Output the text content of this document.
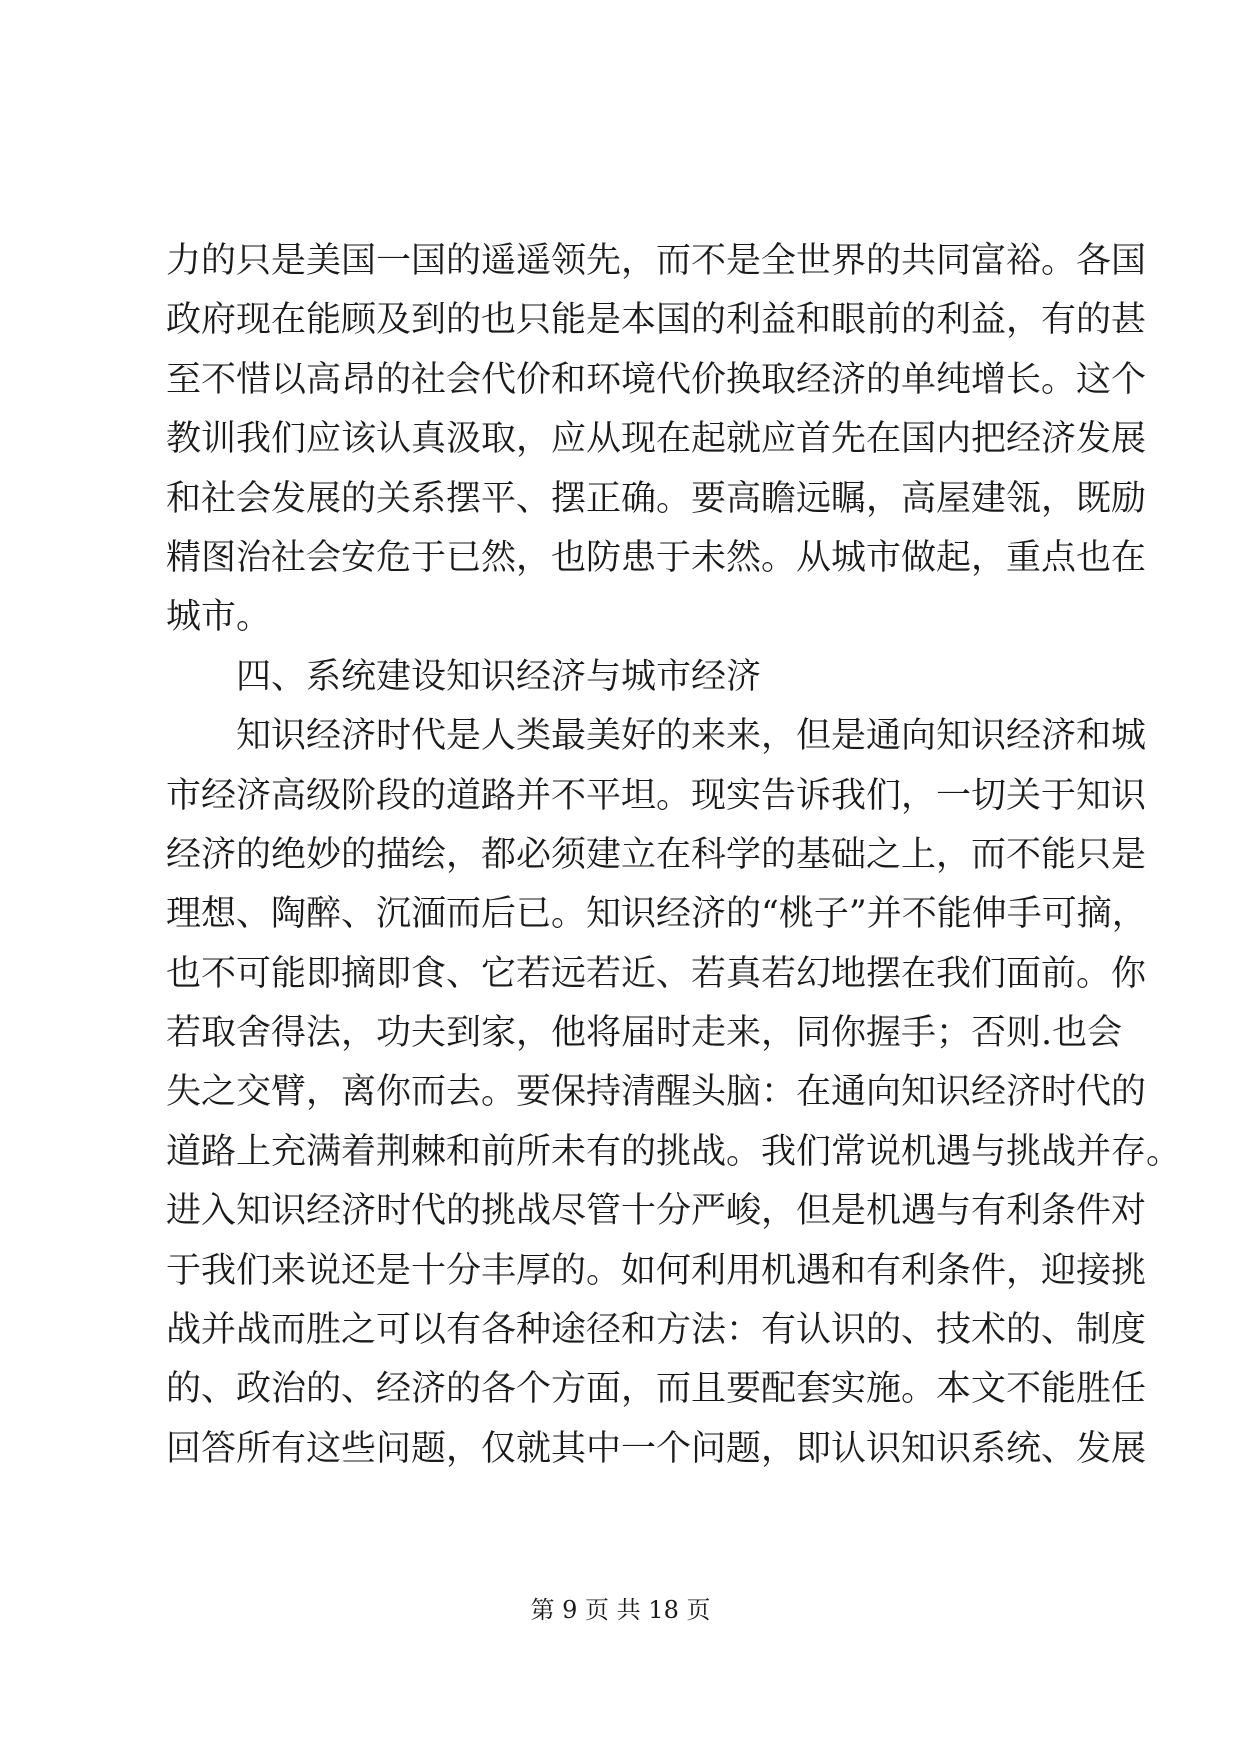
力的只是美国一国的遥遥领先，而不是全世界的共同富裕。各国
政府现在能顾及到的也只能是本国的利益和眼前的利益，有的甚
至不惜以高昂的社会代价和环境代价换取经济的单纯增长。这个
教训我们应该认真汲取，应从现在起就应首先在国内把经济发展
和社会发展的关系摆平、摆正确。要高瞻远瞩，高屋建瓴，既励
精图治社会安危于已然，也防患于未然。从城市做起，重点也在
城市。
四、系统建设知识经济与城市经济
知识经济时代是人类最美好的来来，但是通向知识经济和城
市经济高级阶段的道路并不平坦。现实告诉我们，一切关于知识
经济的绝妙的描绘，都必须建立在科学的基础之上，而不能只是
理想、陶醉、沉湎而后已。知识经济的“桃子”并不能伸手可摘，
也不可能即摘即食、它若远若近、若真若幻地摆在我们面前。你
若取舍得法，功夫到家，他将届时走来，同你握手；否则.也会
失之交臂，离你而去。要保持清醒头脑：在通向知识经济时代的
道路上充满着荆棘和前所未有的挑战。我们常说机遇与挑战并存。
进入知识经济时代的挑战尽管十分严峻，但是机遇与有利条件对
于我们来说还是十分丰厚的。如何利用机遇和有利条件，迎接挑
战并战而胜之可以有各种途径和方法：有认识的、技术的、制度
的、政治的、经济的各个方面，而且要配套实施。本文不能胜任
回答所有这些问题，仅就其中一个问题，即认识知识系统、发展
第 9 页 共 18 页
